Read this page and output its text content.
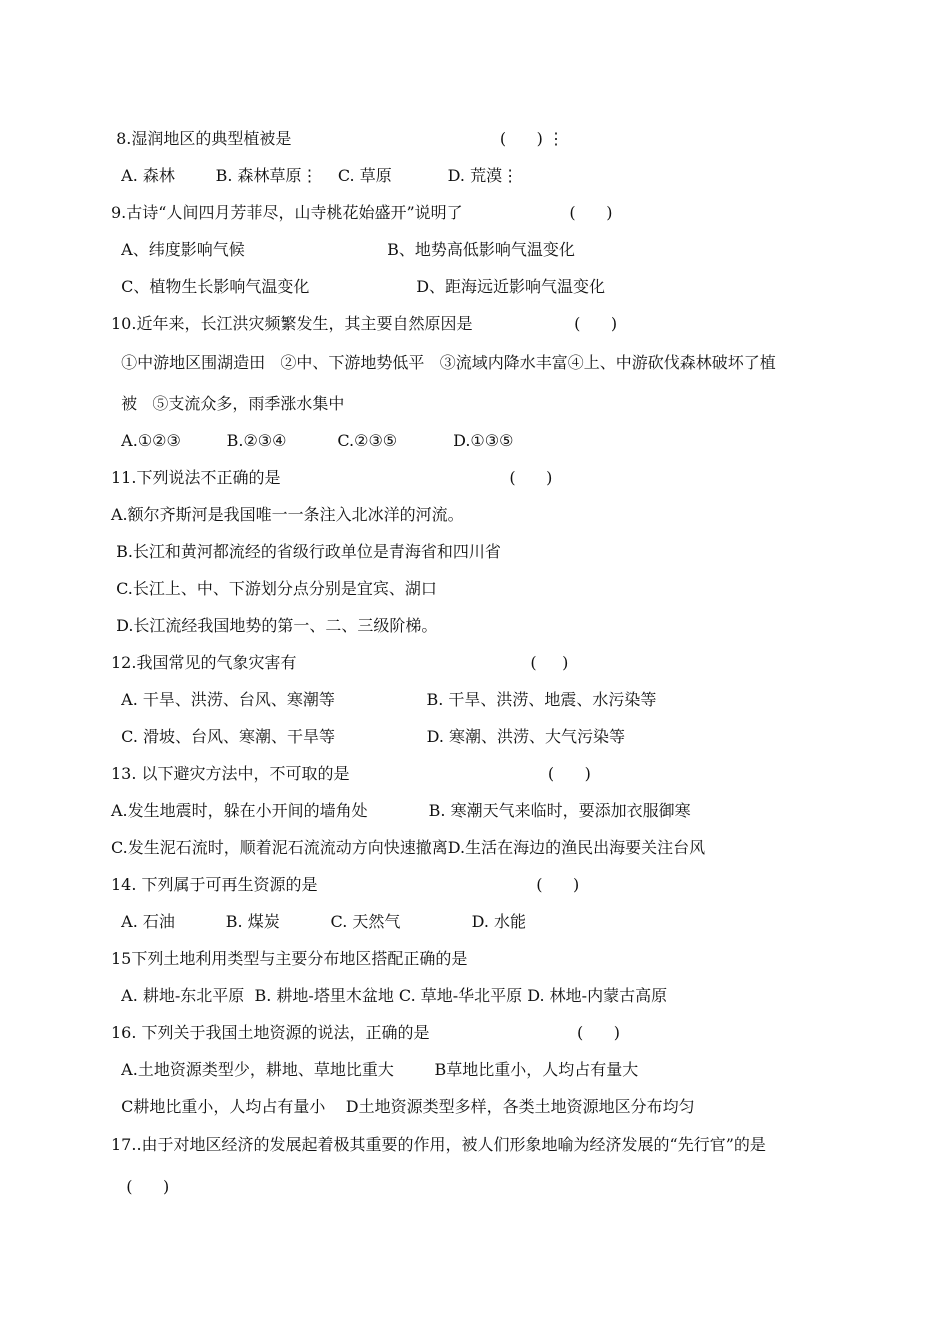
8.湿润地区的典型植被是                                         (      ) ⋮
A. 森林        B. 森林草原⋮    C. 草原           D. 荒漠⋮
9.古诗“人间四月芳菲尽，山寺桃花始盛开”说明了                     (      )
A、纬度影响气候                            B、地势高低影响气温变化
C、植物生长影响气温变化                     D、距海远近影响气温变化
10.近年来，长江洪灾频繁发生，其主要自然原因是                    (      )
①中游地区围湖造田   ②中、下游地势低平   ③流域内降水丰富④上、中游砍伐森林破坏了植
被   ⑤支流众多，雨季涨水集中
A.①②③         B.②③④          C.②③⑤           D.①③⑤
11.下列说法不正确的是                                             (      )
A.额尔齐斯河是我国唯一一条注入北冰洋的河流。
B.长江和黄河都流经的省级行政单位是青海省和四川省
C.长江上、中、下游划分点分别是宜宾、湖口
D.长江流经我国地势的第一、二、三级阶梯。
12.我国常见的气象灾害有                                              (     )
A. 干旱、洪涝、台风、寒潮等                  B. 干旱、洪涝、地震、水污染等
C. 滑坡、台风、寒潮、干旱等                  D. 寒潮、洪涝、大气污染等
13. 以下避灾方法中，不可取的是                                       (      )
A.发生地震时，躲在小开间的墙角处            B. 寒潮天气来临时，要添加衣服御寒
C.发生泥石流时，顺着泥石流流动方向快速撤离D.生活在海边的渔民出海要关注台风
14. 下列属于可再生资源的是                                           (      )
A. 石油          B. 煤炭          C. 天然气              D. 水能
15下列土地利用类型与主要分布地区搭配正确的是
A. 耕地-东北平原  B. 耕地-塔里木盆地 C. 草地-华北平原 D. 林地-内蒙古高原
16. 下列关于我国土地资源的说法，正确的是                             (      )
A.土地资源类型少，耕地、草地比重大        B草地比重小，人均占有量大
C耕地比重小，人均占有量小    D土地资源类型多样，各类土地资源地区分布均匀
17..由于对地区经济的发展起着极其重要的作用，被人们形象地喻为经济发展的“先行官”的是
(      )
